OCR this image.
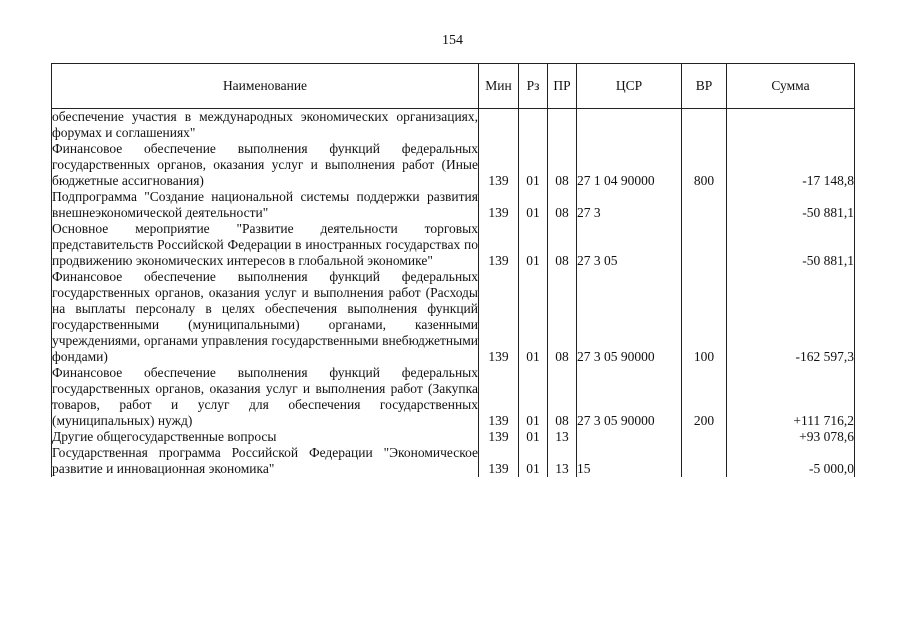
154
Наименование	Мин	Рз	ПР	ЦСР	ВР	Сумма
обеспечение участия в международных экономических организациях, форумах и соглашениях"						
Финансовое обеспечение выполнения функций федеральных государственных органов, оказания услуг и выполнения работ (Иные бюджетные ассигнования)	139	01	08	27 1 04 90000	800	-17 148,8
Подпрограмма "Создание национальной системы поддержки развития внешнеэкономической деятельности"	139	01	08	27 3		-50 881,1
Основное мероприятие "Развитие деятельности торговых представительств Российской Федерации в иностранных государствах по продвижению экономических интересов в глобальной экономике"	139	01	08	27 3 05		-50 881,1
Финансовое обеспечение выполнения функций федеральных государственных органов, оказания услуг и выполнения работ (Расходы на выплаты персоналу в целях обеспечения выполнения функций государственными (муниципальными) органами, казенными учреждениями, органами управления государственными внебюджетными фондами)	139	01	08	27 3 05 90000	100	-162 597,3
Финансовое обеспечение выполнения функций федеральных государственных органов, оказания услуг и выполнения работ (Закупка товаров, работ и услуг для обеспечения государственных (муниципальных) нужд)	139	01	08	27 3 05 90000	200	+111 716,2
Другие общегосударственные вопросы	139	01	13			+93 078,6
Государственная программа Российской Федерации "Экономическое развитие и инновационная экономика"	139	01	13	15		-5 000,0
